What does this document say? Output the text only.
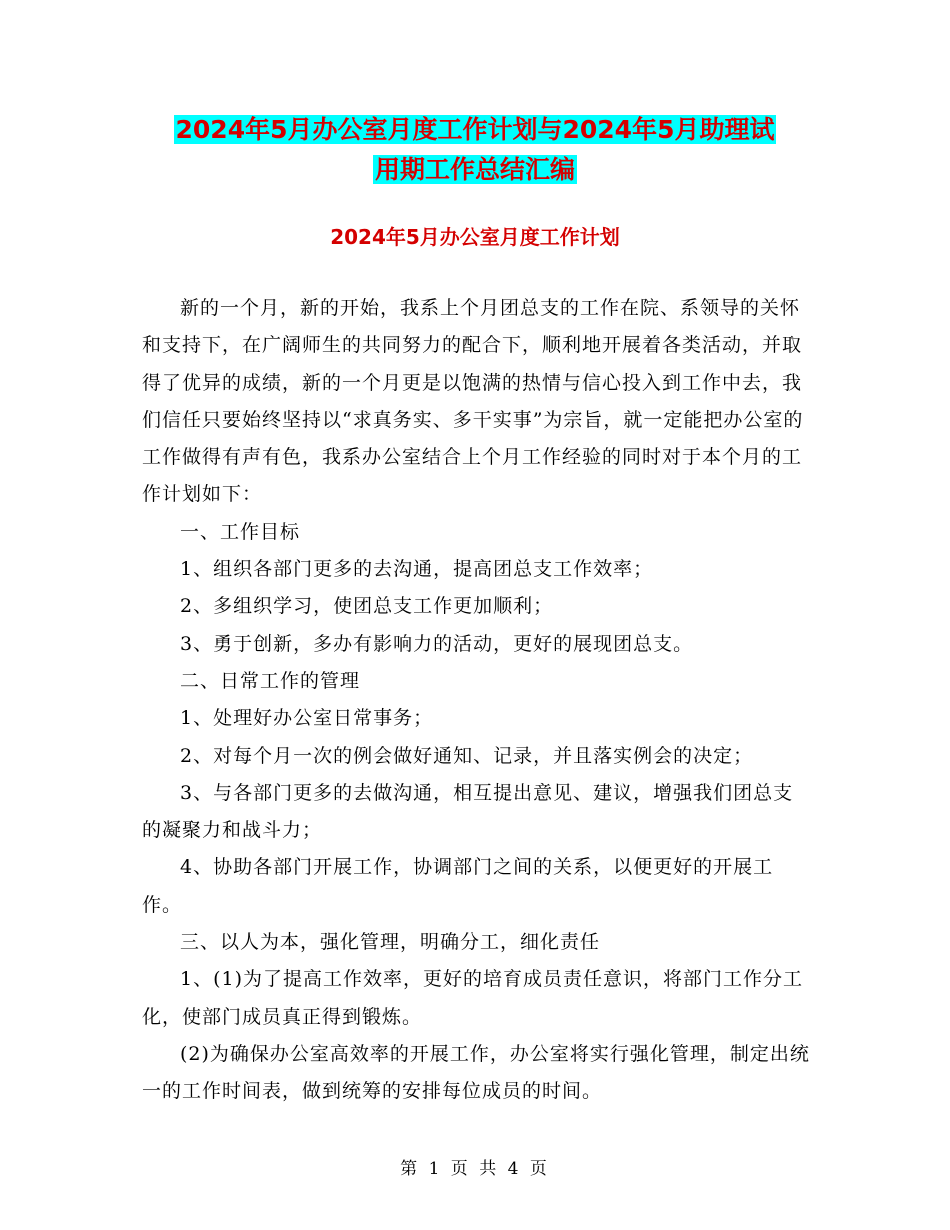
2024年5月办公室月度工作计划与2024年5月助理试
用期工作总结汇编
2024年5月办公室月度工作计划

新的一个月，新的开始，我系上个月团总支的工作在院、系领导的关怀和支持下，在广阔师生的共同努力的配合下，顺利地开展着各类活动，并取得了优异的成绩，新的一个月更是以饱满的热情与信心投入到工作中去，我们信任只要始终坚持以“求真务实、多干实事”为宗旨，就一定能把办公室的工作做得有声有色，我系办公室结合上个月工作经验的同时对于本个月的工作计划如下：

一、工作目标

1、组织各部门更多的去沟通，提高团总支工作效率；

2、多组织学习，使团总支工作更加顺利；

3、勇于创新，多办有影响力的活动，更好的展现团总支。

二、日常工作的管理

1、处理好办公室日常事务；

2、对每个月一次的例会做好通知、记录，并且落实例会的决定；

3、与各部门更多的去做沟通，相互提出意见、建议，增强我们团总支的凝聚力和战斗力；

4、协助各部门开展工作，协调部门之间的关系，以便更好的开展工作。

三、以人为本，强化管理，明确分工，细化责任

1、(1)为了提高工作效率，更好的培育成员责任意识，将部门工作分工化，使部门成员真正得到锻炼。

(2)为确保办公室高效率的开展工作，办公室将实行强化管理，制定出统一的工作时间表，做到统筹的安排每位成员的时间。

第 1 页 共 4 页
